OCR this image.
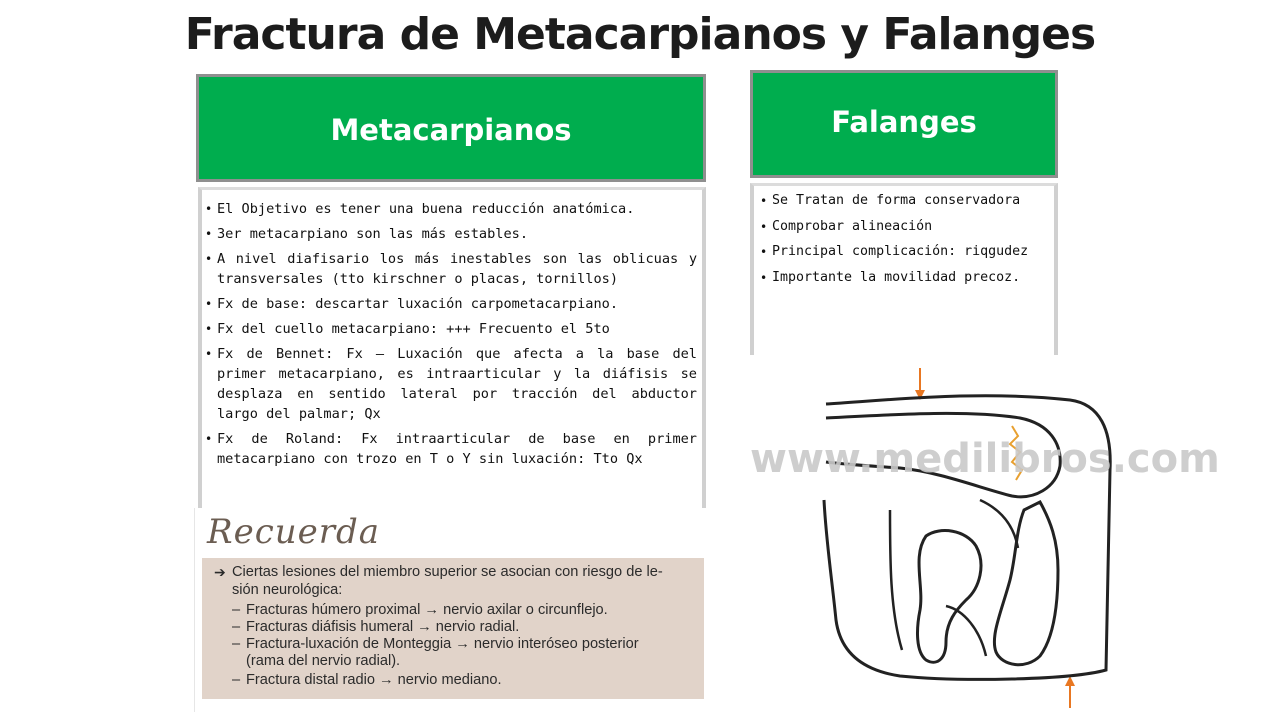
Fractura de Metacarpianos y Falanges
Metacarpianos
• El Objetivo es tener una buena reducción anatómica.
• 3er metacarpiano son las más estables.
• A nivel diafisario los más inestables son las oblicuas y transversales (tto kirschner o placas, tornillos)
• Fx de base: descartar luxación carpometacarpiano.
• Fx del cuello metacarpiano: +++ Frecuento el 5to
• Fx de Bennet: Fx – Luxación que afecta a la base del primer metacarpiano, es intraarticular y la diáfisis se desplaza en sentido lateral por tracción del abductor largo del palmar; Qx
• Fx de Roland: Fx intraarticular de base en primer metacarpiano con trozo en T o Y sin luxación: Tto Qx
Falanges
• Se Tratan de forma conservadora
• Comprobar alineación
• Principal complicación: riqgudez
• Importante la movilidad precoz.
Recuerda
➔ Ciertas lesiones del miembro superior se asocian con riesgo de le-
sión neurológica:
– Fracturas húmero proximal → nervio axilar o circunflejo.
– Fracturas diáfisis humeral → nervio radial.
– Fractura-luxación de Monteggia → nervio interóseo posterior
(rama del nervio radial).
– Fractura distal radio → nervio mediano.
www.medilibros.com
